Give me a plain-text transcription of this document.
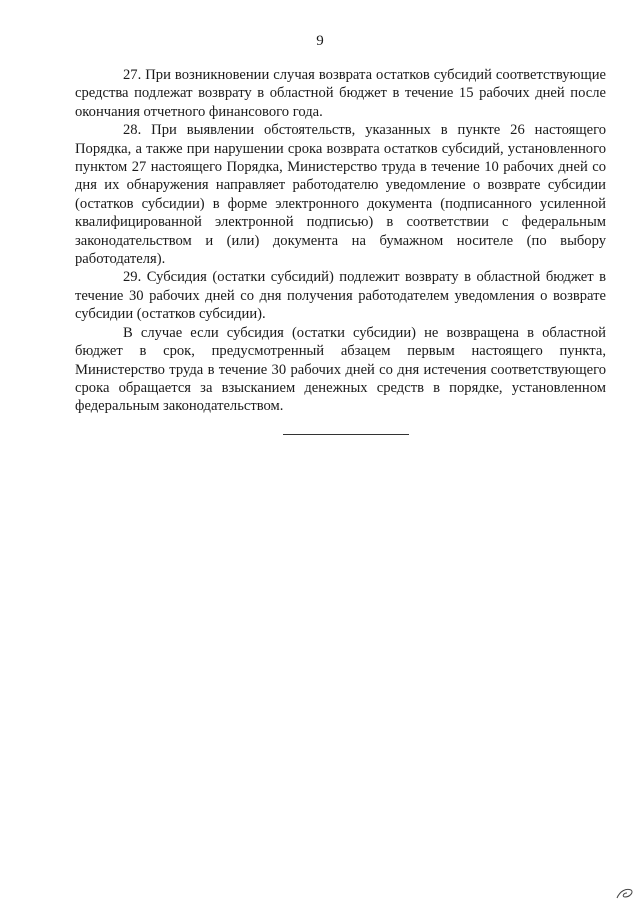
9

27. При возникновении случая возврата остатков субсидий соответствующие средства подлежат возврату в областной бюджет в течение 15 рабочих дней после окончания отчетного финансового года.

28. При выявлении обстоятельств, указанных в пункте 26 настоящего Порядка, а также при нарушении срока возврата остатков субсидий, установленного пунктом 27 настоящего Порядка, Министерство труда в течение 10 рабочих дней со дня их обнаружения направляет работодателю уведомление о возврате субсидии (остатков субсидии) в форме электронного документа (подписанного усиленной квалифицированной электронной подписью) в соответствии с федеральным законодательством и (или) документа на бумажном носителе (по выбору работодателя).

29. Субсидия (остатки субсидий) подлежит возврату в областной бюджет в течение 30 рабочих дней со дня получения работодателем уведомления о возврате субсидии (остатков субсидии).

В случае если субсидия (остатки субсидии) не возвращена в областной бюджет в срок, предусмотренный абзацем первым настоящего пункта, Министерство труда в течение 30 рабочих дней со дня истечения соответствующего срока обращается за взысканием денежных средств в порядке, установленном федеральным законодательством.
